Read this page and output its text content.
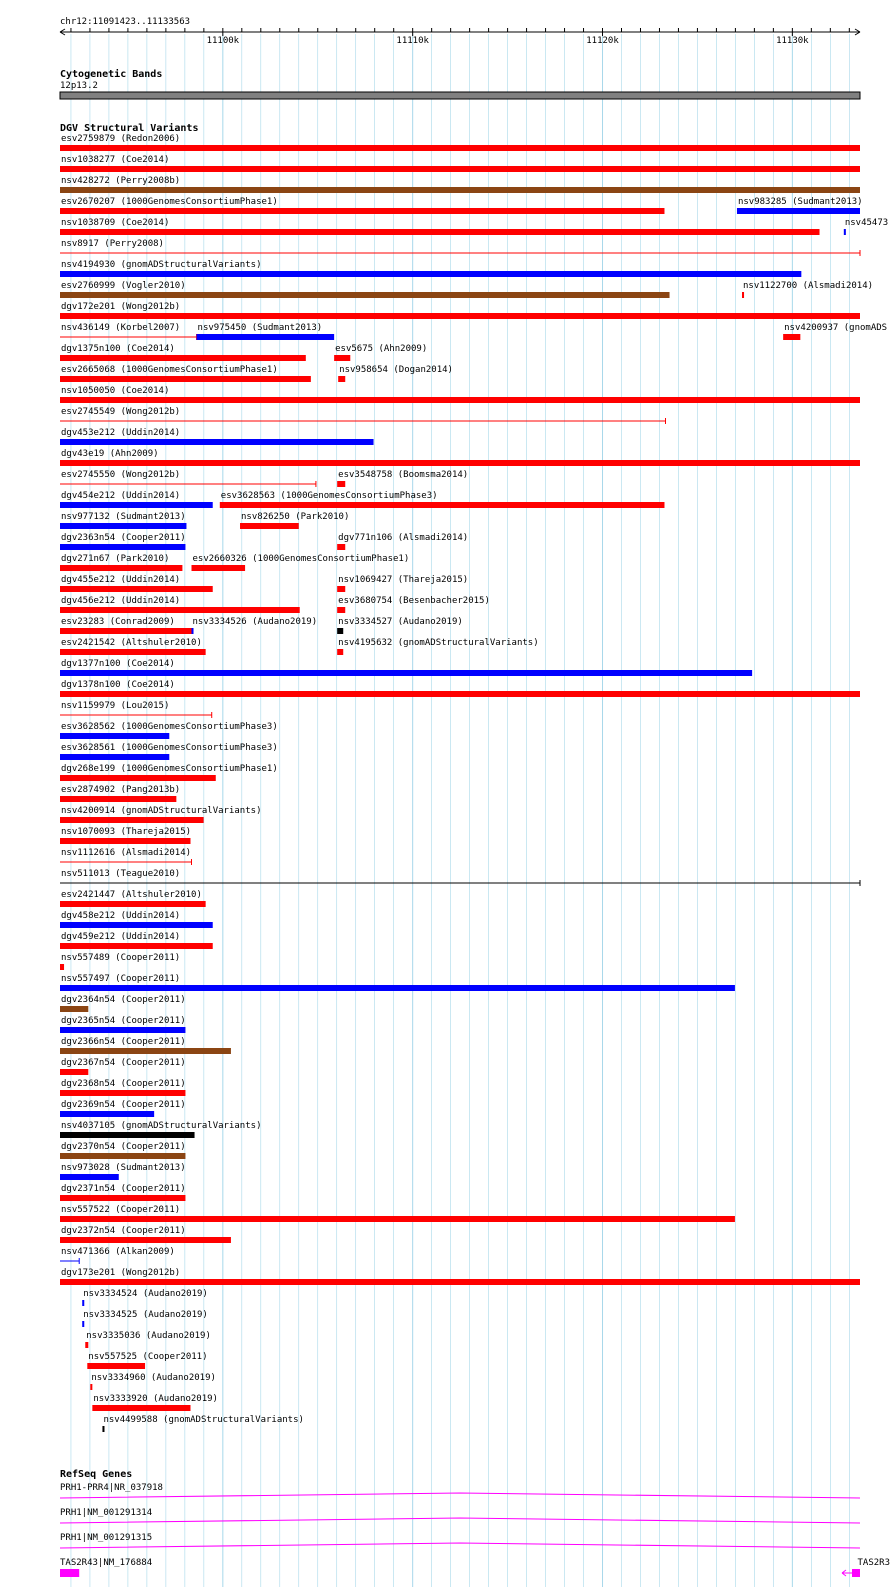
chr12:11091423..11133563
11100k	11110k	11120k	11130k
Cytogenetic Bands
12p13.2
DGV Structural Variants
esv2759879 (Redon2006)
nsv1038277 (Coe2014)
nsv428272 (Perry2008b)
esv2670207 (1000GenomesConsortiumPhase1)	nsv983285 (Sudmant2013)
nsv1038709 (Coe2014)	nsv45473
nsv8917 (Perry2008)
nsv4194930 (gnomADStructuralVariants)
esv2760999 (Vogler2010)	nsv1122700 (Alsmadi2014)
dgv172e201 (Wong2012b)
nsv436149 (Korbel2007) nsv975450 (Sudmant2013)	nsv4200937 (gnomADS
dgv1375n100 (Coe2014)	esv5675 (Ahn2009)
esv2665068 (1000GenomesConsortiumPhase1)	nsv958654 (Dogan2014)
nsv1050050 (Coe2014)
esv2745549 (Wong2012b)
dgv453e212 (Uddin2014)
dgv43e19 (Ahn2009)
esv2745550 (Wong2012b)	esv3548758 (Boomsma2014)
dgv454e212 (Uddin2014)	esv3628563 (1000GenomesConsortiumPhase3)
nsv977132 (Sudmant2013)	nsv826250 (Park2010)
dgv2363n54 (Cooper2011)	dgv771n106 (Alsmadi2014)
dgv271n67 (Park2010)	esv2660326 (1000GenomesConsortiumPhase1)
dgv455e212 (Uddin2014)	nsv1069427 (Thareja2015)
dgv456e212 (Uddin2014)	esv3680754 (Besenbacher2015)
esv23283 (Conrad2009) nsv3334526 (Audano2019) nsv3334527 (Audano2019)
esv2421542 (Altshuler2010)	nsv4195632 (gnomADStructuralVariants)
dgv1377n100 (Coe2014)
dgv1378n100 (Coe2014)
nsv1159979 (Lou2015)
esv3628562 (1000GenomesConsortiumPhase3)
esv3628561 (1000GenomesConsortiumPhase3)
dgv268e199 (1000GenomesConsortiumPhase1)
esv2874902 (Pang2013b)
nsv4200914 (gnomADStructuralVariants)
nsv1070093 (Thareja2015)
nsv1112616 (Alsmadi2014)
nsv511013 (Teague2010)
esv2421447 (Altshuler2010)
dgv458e212 (Uddin2014)
dgv459e212 (Uddin2014)
nsv557489 (Cooper2011)
nsv557497 (Cooper2011)
dgv2364n54 (Cooper2011)
dgv2365n54 (Cooper2011)
dgv2366n54 (Cooper2011)
dgv2367n54 (Cooper2011)
dgv2368n54 (Cooper2011)
dgv2369n54 (Cooper2011)
nsv4037105 (gnomADStructuralVariants)
dgv2370n54 (Cooper2011)
nsv973028 (Sudmant2013)
dgv2371n54 (Cooper2011)
nsv557522 (Cooper2011)
dgv2372n54 (Cooper2011)
nsv471366 (Alkan2009)
dgv173e201 (Wong2012b)
nsv3334524 (Audano2019)
nsv3334525 (Audano2019)
nsv3335036 (Audano2019)
nsv557525 (Cooper2011)
nsv3334960 (Audano2019)
nsv3333920 (Audano2019)
nsv4499588 (gnomADStructuralVariants)
RefSeq Genes
PRH1-PRR4|NR_037918
PRH1|NM_001291314
PRH1|NM_001291315
TAS2R43|NM_176884	TAS2R3
